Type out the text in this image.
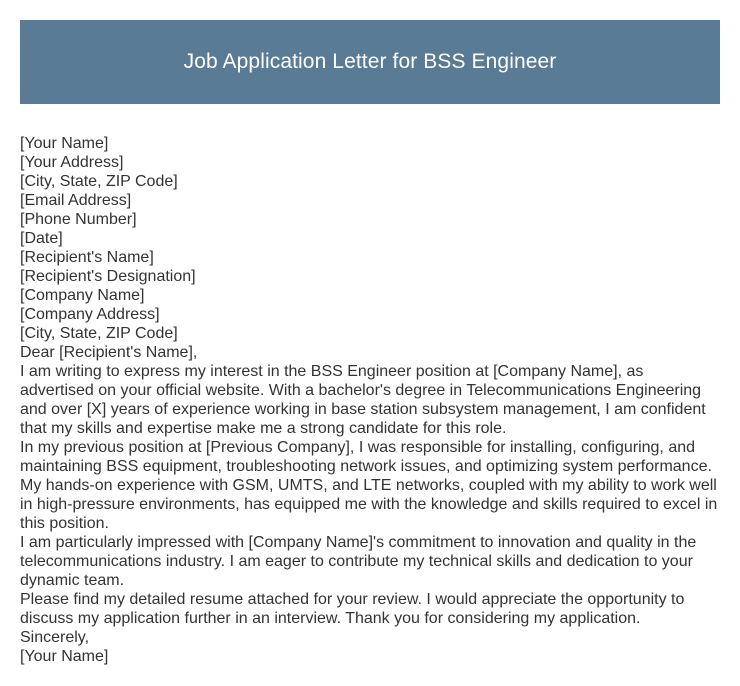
Job Application Letter for BSS Engineer
[Your Name]
[Your Address]
[City, State, ZIP Code]
[Email Address]
[Phone Number]
[Date]
[Recipient's Name]
[Recipient's Designation]
[Company Name]
[Company Address]
[City, State, ZIP Code]
Dear [Recipient's Name],

I am writing to express my interest in the BSS Engineer position at [Company Name], as advertised on your official website. With a bachelor's degree in Telecommunications Engineering and over [X] years of experience working in base station subsystem management, I am confident that my skills and expertise make me a strong candidate for this role.

In my previous position at [Previous Company], I was responsible for installing, configuring, and maintaining BSS equipment, troubleshooting network issues, and optimizing system performance. My hands-on experience with GSM, UMTS, and LTE networks, coupled with my ability to work well in high-pressure environments, has equipped me with the knowledge and skills required to excel in this position.

I am particularly impressed with [Company Name]'s commitment to innovation and quality in the telecommunications industry. I am eager to contribute my technical skills and dedication to your dynamic team.

Please find my detailed resume attached for your review. I would appreciate the opportunity to discuss my application further in an interview. Thank you for considering my application.

Sincerely,
[Your Name]
